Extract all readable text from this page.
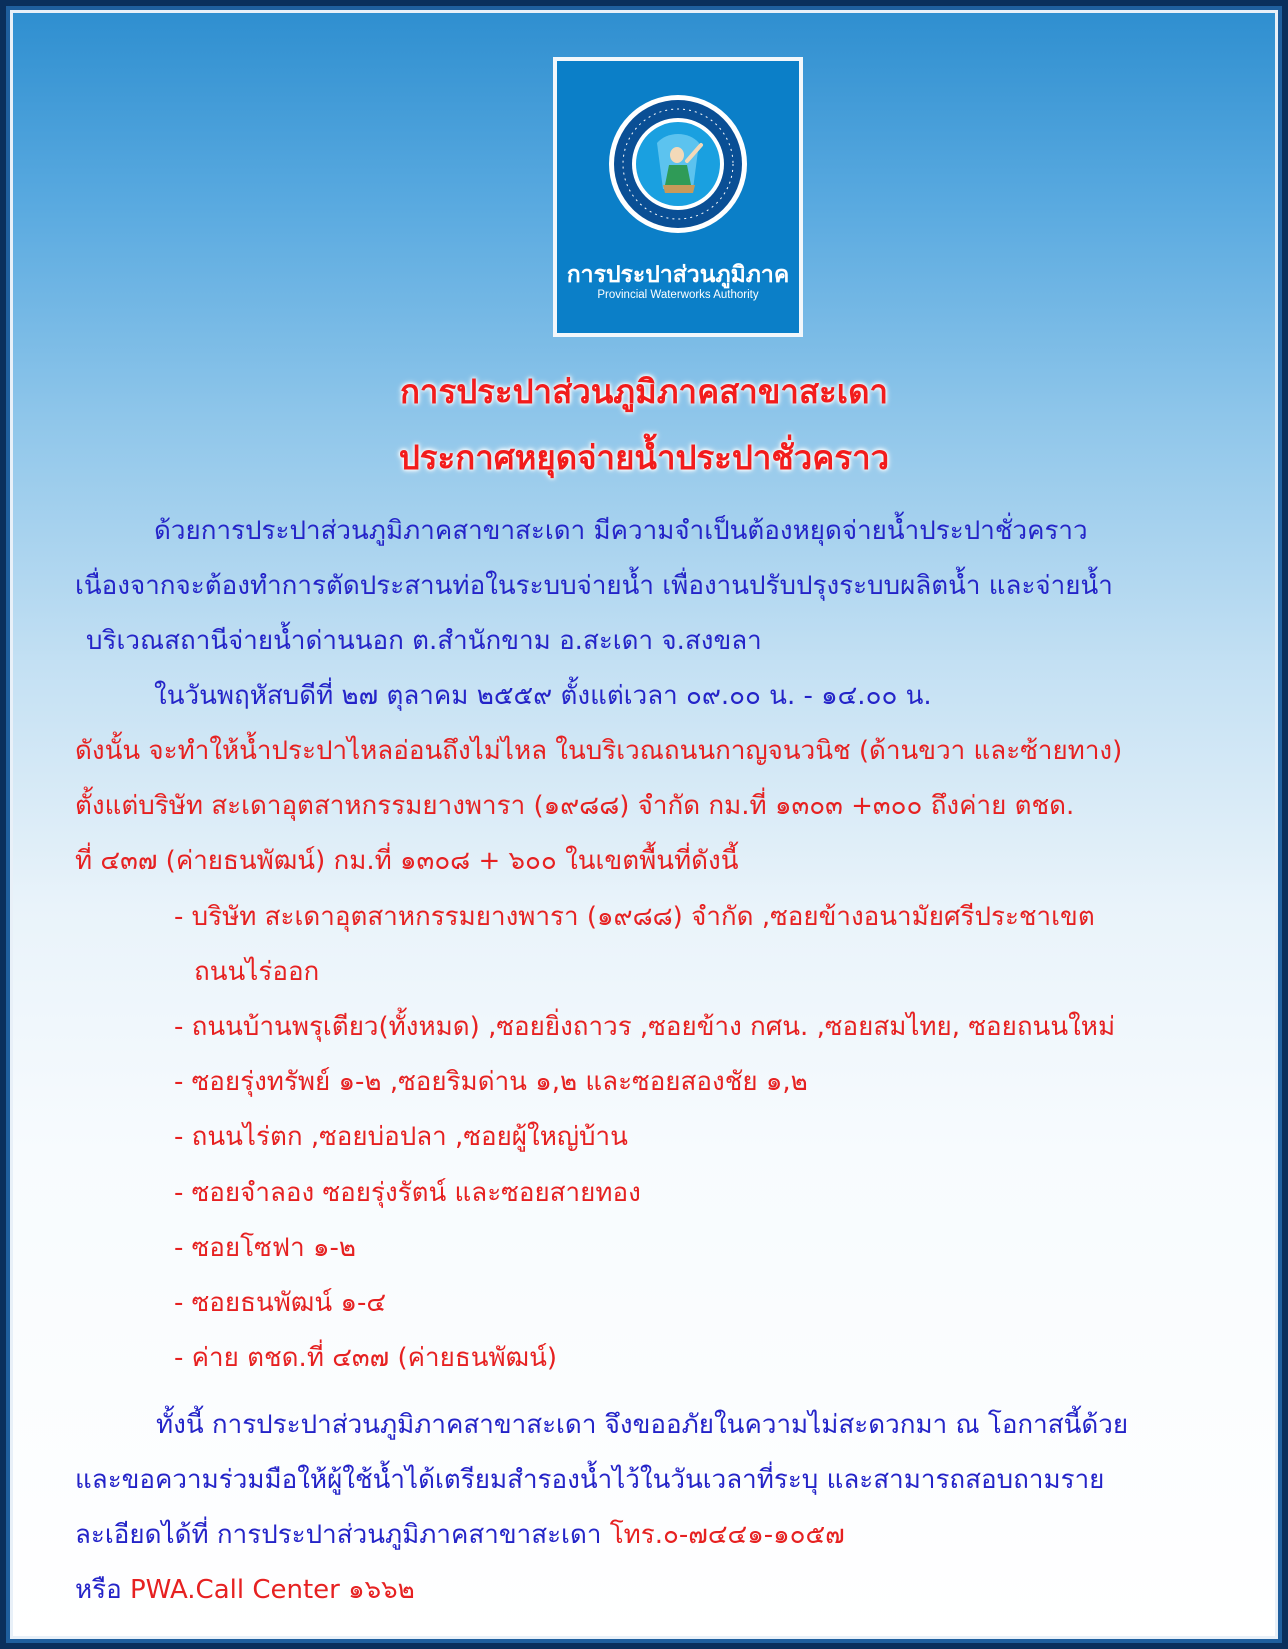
การประปาส่วนภูมิภาค
Provincial Waterworks Authority
การประปาส่วนภูมิภาคสาขาสะเดา
ประกาศหยุดจ่ายน้ำประปาชั่วคราว
ด้วยการประปาส่วนภูมิภาคสาขาสะเดา มีความจำเป็นต้องหยุดจ่ายน้ำประปาชั่วคราว
เนื่องจากจะต้องทำการตัดประสานท่อในระบบจ่ายน้ำ เพื่องานปรับปรุงระบบผลิตน้ำ และจ่ายน้ำ
บริเวณสถานีจ่ายน้ำด่านนอก ต.สำนักขาม อ.สะเดา จ.สงขลา
ในวันพฤหัสบดีที่ ๒๗ ตุลาคม ๒๕๕๙ ตั้งแต่เวลา ๐๙.๐๐ น. - ๑๔.๐๐ น.
ดังนั้น จะทำให้น้ำประปาไหลอ่อนถึงไม่ไหล ในบริเวณถนนกาญจนวนิช (ด้านขวา และซ้ายทาง)
ตั้งแต่บริษัท สะเดาอุตสาหกรรมยางพารา (๑๙๘๘) จำกัด กม.ที่ ๑๓๐๓ +๓๐๐ ถึงค่าย ตชด.
ที่ ๔๓๗ (ค่ายธนพัฒน์) กม.ที่ ๑๓๐๘ + ๖๐๐ ในเขตพื้นที่ดังนี้
- บริษัท สะเดาอุตสาหกรรมยางพารา (๑๙๘๘) จำกัด ,ซอยข้างอนามัยศรีประชาเขต
ถนนไร่ออก
- ถนนบ้านพรุเตียว(ทั้งหมด) ,ซอยยิ่งถาวร ,ซอยข้าง กศน. ,ซอยสมไทย, ซอยถนนใหม่
- ซอยรุ่งทรัพย์ ๑-๒ ,ซอยริมด่าน ๑,๒ และซอยสองชัย ๑,๒
- ถนนไร่ตก ,ซอยบ่อปลา ,ซอยผู้ใหญ่บ้าน
- ซอยจำลอง ซอยรุ่งรัตน์ และซอยสายทอง
- ซอยโซฟา ๑-๒
- ซอยธนพัฒน์ ๑-๔
- ค่าย ตชด.ที่ ๔๓๗ (ค่ายธนพัฒน์)
ทั้งนี้ การประปาส่วนภูมิภาคสาขาสะเดา จึงขออภัยในความไม่สะดวกมา ณ โอกาสนี้ด้วย
และขอความร่วมมือให้ผู้ใช้น้ำได้เตรียมสำรองน้ำไว้ในวันเวลาที่ระบุ และสามารถสอบถามราย
ละเอียดได้ที่ การประปาส่วนภูมิภาคสาขาสะเดา โทร.๐-๗๔๔๑-๑๐๕๗
หรือ PWA.Call Center ๑๖๖๒
